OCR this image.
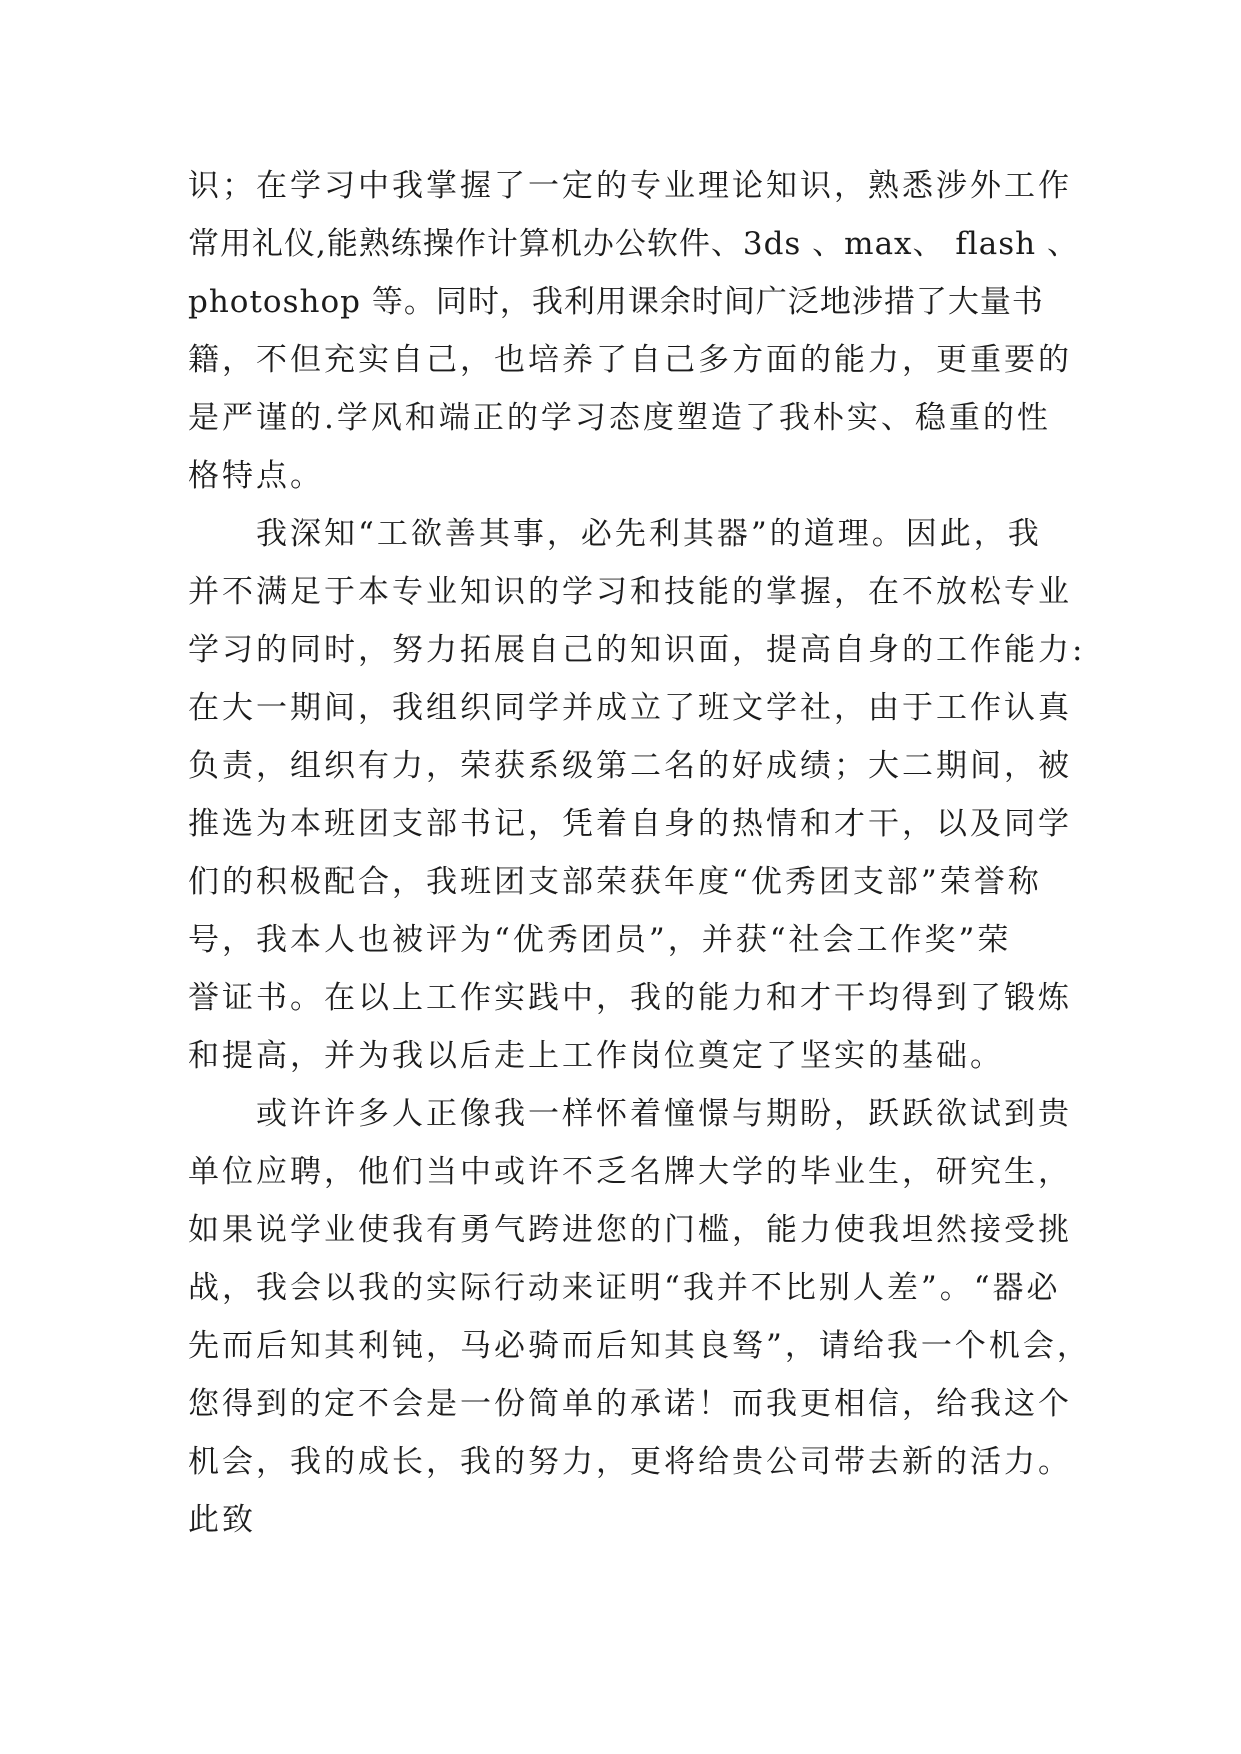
识；在学习中我掌握了一定的专业理论知识，熟悉涉外工作
常用礼仪,能熟练操作计算机办公软件、3ds 、max、 flash 、
photoshop 等。同时，我利用课余时间广泛地涉措了大量书
籍，不但充实自己，也培养了自己多方面的能力，更重要的
是严谨的.学风和端正的学习态度塑造了我朴实、稳重的性
格特点。
　　我深知“工欲善其事，必先利其器”的道理。因此，我
并不满足于本专业知识的学习和技能的掌握，在不放松专业
学习的同时，努力拓展自己的知识面，提高自身的工作能力:
在大一期间，我组织同学并成立了班文学社，由于工作认真
负责，组织有力，荣获系级第二名的好成绩；大二期间，被
推选为本班团支部书记，凭着自身的热情和才干，以及同学
们的积极配合，我班团支部荣获年度“优秀团支部”荣誉称
号，我本人也被评为“优秀团员”，并获“社会工作奖”荣
誉证书。在以上工作实践中，我的能力和才干均得到了锻炼
和提高，并为我以后走上工作岗位奠定了坚实的基础。
　　或许许多人正像我一样怀着憧憬与期盼，跃跃欲试到贵
单位应聘，他们当中或许不乏名牌大学的毕业生，研究生，
如果说学业使我有勇气跨进您的门槛，能力使我坦然接受挑
战，我会以我的实际行动来证明“我并不比别人差”。“器必
先而后知其利钝，马必骑而后知其良驽”，请给我一个机会，
您得到的定不会是一份简单的承诺！而我更相信，给我这个
机会，我的成长，我的努力，更将给贵公司带去新的活力。
此致
